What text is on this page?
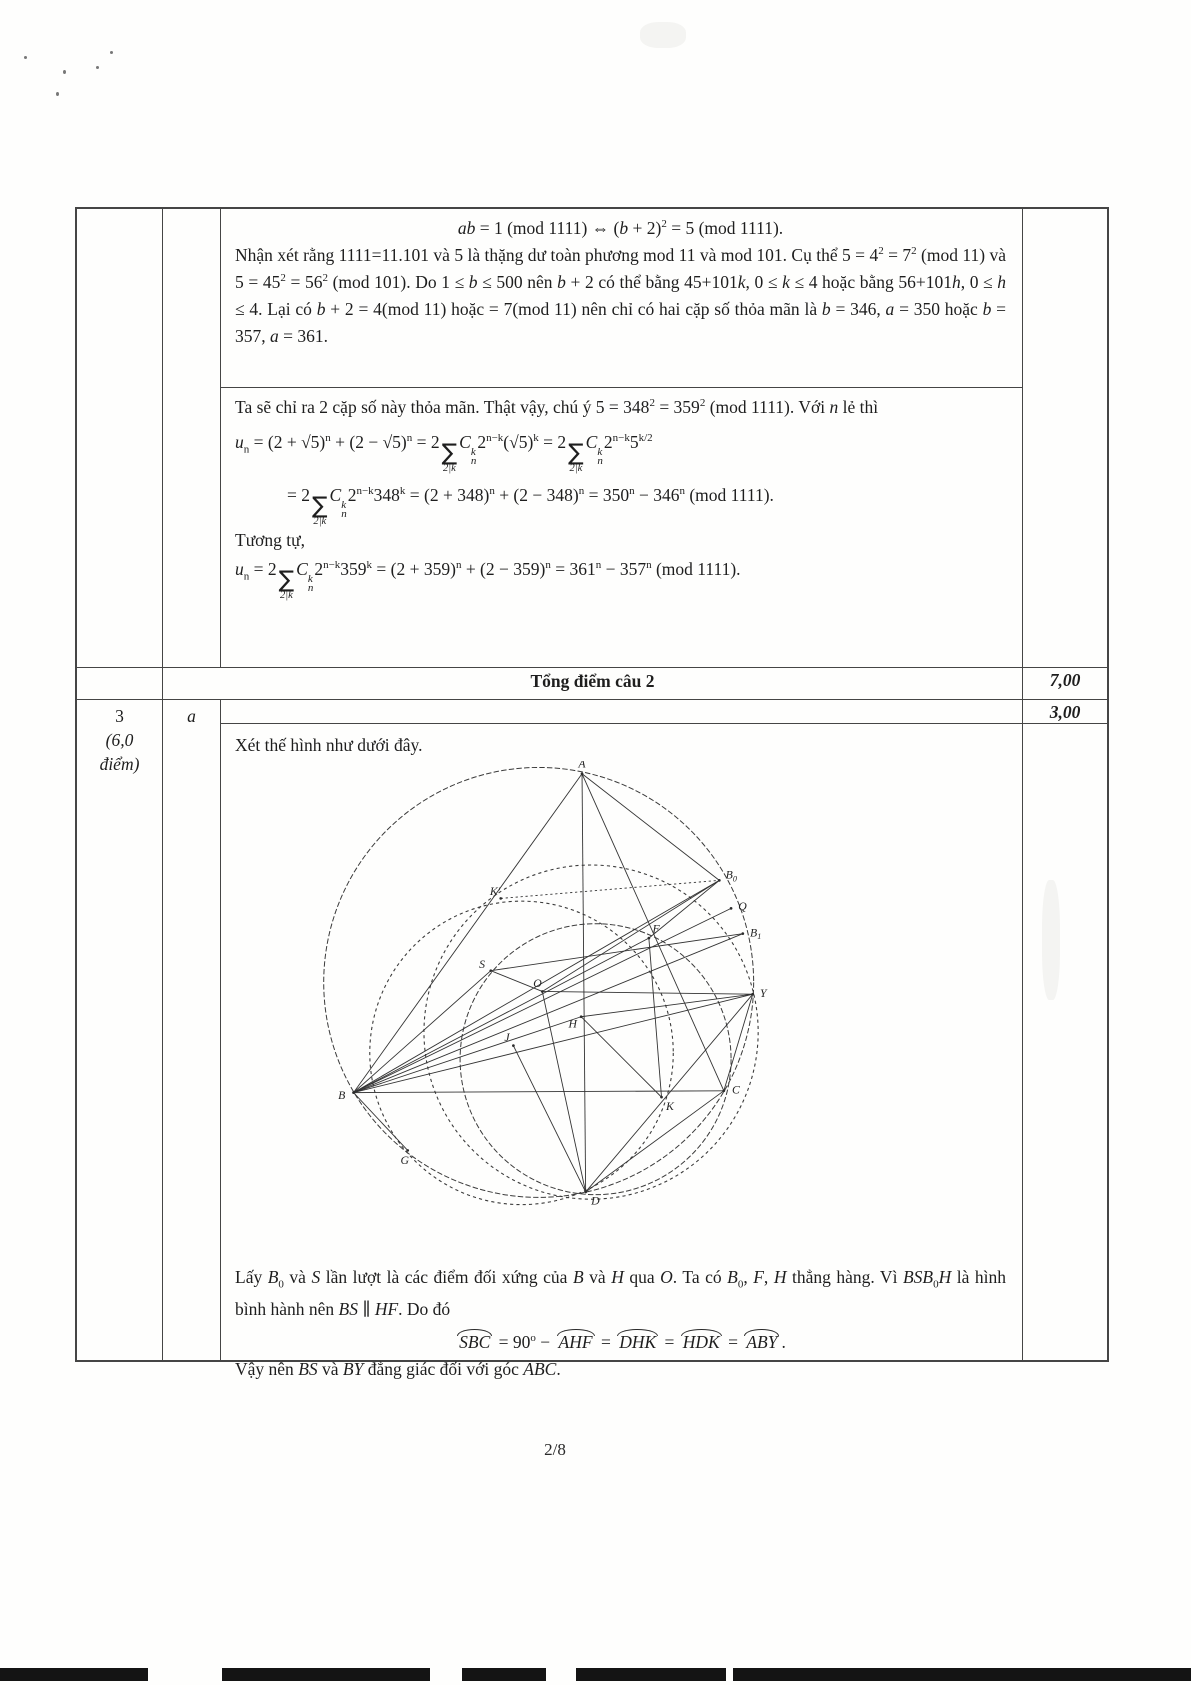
ab = 1 (mod 1111) ⇔ $(b + 2)^2 = 5$ (mod 1111).
Nhận xét rằng 1111=11.101 và 5 là thặng dư toàn phương mod 11 và mod 101. Cụ thể $5 = 4^2 = 7^2$ (mod 11) và $5 = 45^2 = 56^2$ (mod 101). Do 1 ≤ b ≤ 500 nên b + 2 có thể bằng 45+101k, 0 ≤ k ≤ 4 hoặc bằng 56+101h, 0 ≤ h ≤ 4. Lại có b + 2 = 4(mod 11) hoặc = 7(mod 11) nên chỉ có hai cặp số thỏa mãn là b = 346, a = 350 hoặc b = 357, a = 361.
Ta sẽ chỉ ra 2 cặp số này thỏa mãn. Thật vậy, chú ý $5 = 348^2 = 359^2$ (mod 1111). Với n lẻ thì
$u_n = (2 + √5)^n + (2 - √5)^n = 2$ ∑
2|k
C k
n
$2^{n-k}(√5)^k = 2$ ∑
2|k
C k
n
$2^{n-k}5^{k/2}$
= 2 ∑
2|k
C k
n
$2^{n-k}348^k = (2 + 348)^n + (2 - 348)^n = 350^n - 346^n$ (mod 1111).
Tương tự,
$u_n = 2$ ∑
2|k
C k
n
$2^{n-k}359^k = (2 + 359)^n + (2 - 359)^n = 361^n - 357^n$ (mod 1111).
Tổng điểm câu 2	7,00
3
(6,0
điểm)
a	3,00
Xét thế hình như dưới đây.
A
K'
$B_0$
Q
$B_1$
F
S
O
H
Y
J
B
K
C
G
D
Lấy $B_0$ và S lần lượt là các điểm đối xứng của B và H qua O. Ta có $B_0$, F, H thẳng hàng. Vì $BSB_0H$ là hình bình hành nên BS ∥ HF. Do đó
SBC = $90^o$ − AHF = DHK = HDK = ABY .
Vậy nên BS và BY đẳng giác đối với góc ABC.
2/8
